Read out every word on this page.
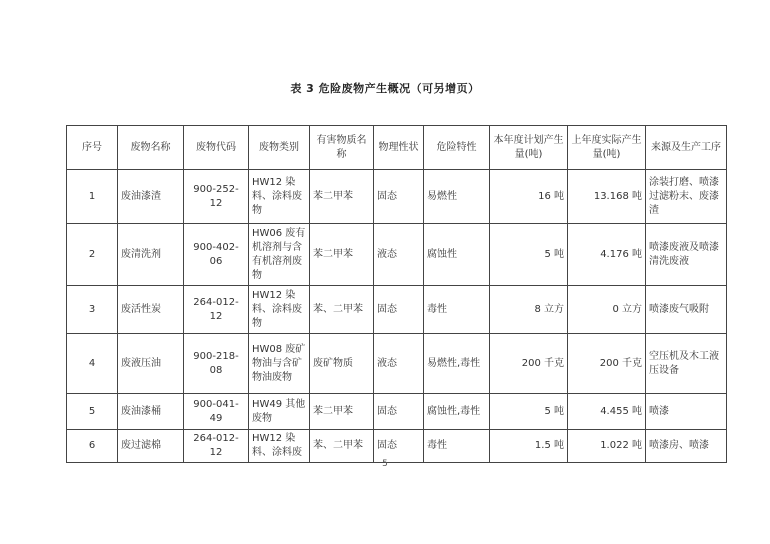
表 3 危险废物产生概况（可另增页）
序号	废物名称	废物代码	废物类别	有害物质名称	物理性状	危险特性	本年度计划产生量(吨)	上年度实际产生量(吨)	来源及生产工序
1	废油漆渣	900-252-12	HW12 染料、涂料废物	苯二甲苯	固态	易燃性	16 吨	13.168 吨	涂装打磨、喷漆过滤粉末、废漆渣
2	废清洗剂	900-402-06	HW06 废有机溶剂与含有机溶剂废物	苯二甲苯	液态	腐蚀性	5 吨	4.176 吨	喷漆废液及喷漆清洗废液
3	废活性炭	264-012-12	HW12 染料、涂料废物	苯、二甲苯	固态	毒性	8 立方	0 立方	喷漆废气吸附
4	废液压油	900-218-08	HW08 废矿物油与含矿物油废物	废矿物质	液态	易燃性,毒性	200 千克	200 千克	空压机及木工液压设备
5	废油漆桶	900-041-49	HW49 其他废物	苯二甲苯	固态	腐蚀性,毒性	5 吨	4.455 吨	喷漆
6	废过滤棉	264-012-12	HW12 染料、涂料废	苯、二甲苯	固态	毒性	1.5 吨	1.022 吨	喷漆房、喷漆
5
